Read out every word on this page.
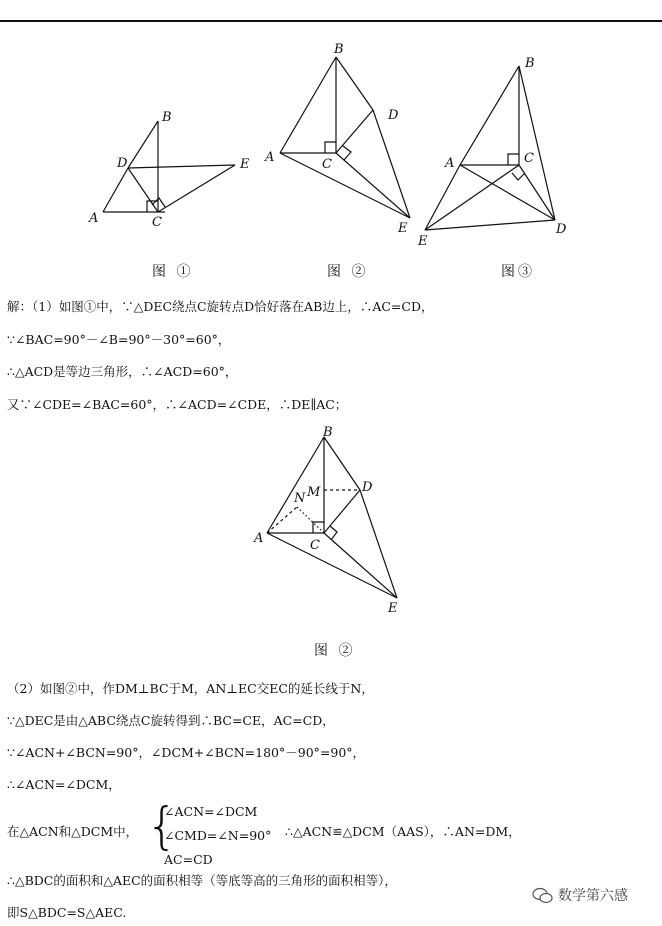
B
D	E
A	C
B
D
A	C
E
B
A	C
E
D
B
M	D
N
A	C
E
图 ①	图 ②	图③
图 ②
解：（1）如图①中，∵△DEC绕点C旋转点D恰好落在AB边上，∴AC=CD，
∵∠BAC=90°－∠B=90°－30°=60°，
∴△ACD是等边三角形，∴∠ACD=60°，
又∵∠CDE=∠BAC=60°，∴∠ACD=∠CDE，∴DE∥AC；
（2）如图②中，作DM⊥BC于M，AN⊥EC交EC的延长线于N，
∵△DEC是由△ABC绕点C旋转得到∴BC=CE，AC=CD，
∵∠ACN+∠BCN=90°，∠DCM+∠BCN=180°－90°=90°，
∴∠ACN=∠DCM，
在△ACN和△DCM中， {
∠ACN=∠DCM
∠CMD=∠N=90°
AC=CD
∴△ACN≌△DCM（AAS），∴AN=DM，
∴△BDC的面积和△AEC的面积相等（等底等高的三角形的面积相等），
即S△BDC=S△AEC.
数学第六感
